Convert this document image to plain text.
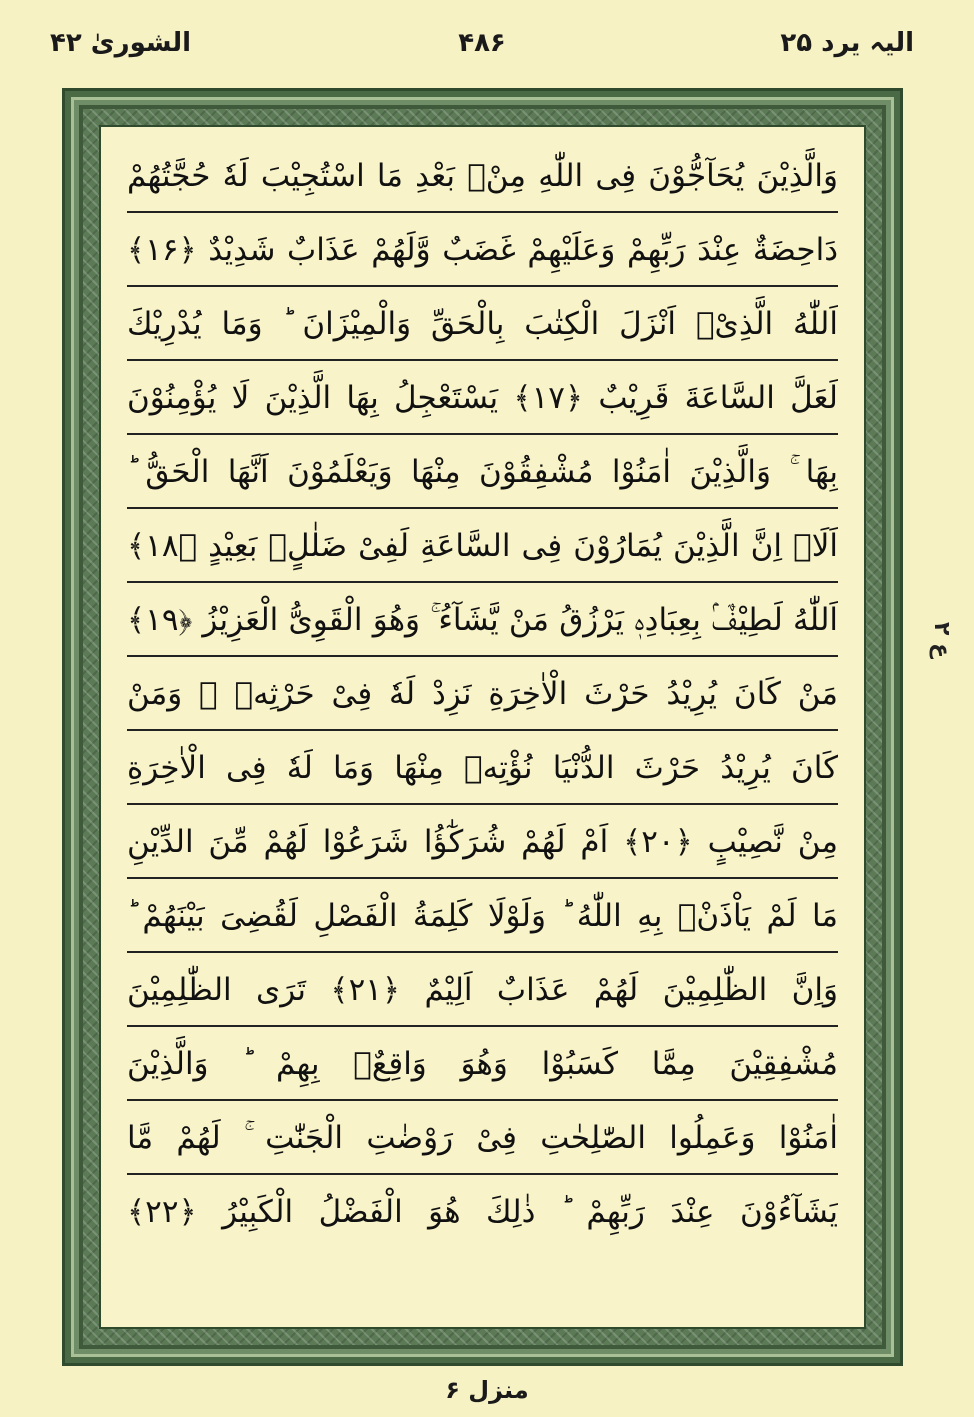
الیہ یرد ۲۵
۴۸۶
الشوریٰ ۴۲
وَالَّذِيْنَ يُحَآجُّوْنَ فِى اللّٰهِ مِنْۢ بَعْدِ مَا اسْتُجِيْبَ لَهٗ حُجَّتُهُمْ
دَاحِضَةٌ عِنْدَ رَبِّهِمْ وَعَلَيْهِمْ غَضَبٌ وَّلَهُمْ عَذَابٌ شَدِيْدٌ ﴿۱۶﴾
اَللّٰهُ الَّذِىْۤ اَنْزَلَ الْكِتٰبَ بِالْحَقِّ وَالْمِيْزَانَ ؕ وَمَا يُدْرِيْكَ
لَعَلَّ السَّاعَةَ قَرِيْبٌ ﴿۱۷﴾ يَسْتَعْجِلُ بِهَا الَّذِيْنَ لَا يُؤْمِنُوْنَ
بِهَا ۚ وَالَّذِيْنَ اٰمَنُوْا مُشْفِقُوْنَ مِنْهَا وَيَعْلَمُوْنَ اَنَّهَا الْحَقُّ ؕ
اَلَاۤ اِنَّ الَّذِيْنَ يُمَارُوْنَ فِى السَّاعَةِ لَفِىْ ضَلٰلٍۢ بَعِيْدٍ ﴿۱۸﴾
اَللّٰهُ لَطِيْفٌۢ بِعِبَادِهٖ يَرْزُقُ مَنْ يَّشَآءُ ۚ وَهُوَ الْقَوِىُّ الْعَزِيْزُ ﴿۱۹﴾
مَنْ كَانَ يُرِيْدُ حَرْثَ الْاٰخِرَةِ نَزِدْ لَهٗ فِىْ حَرْثِهٖ ۚ وَمَنْ
كَانَ يُرِيْدُ حَرْثَ الدُّنْيَا نُؤْتِهٖ مِنْهَا وَمَا لَهٗ فِى الْاٰخِرَةِ
مِنْ نَّصِيْبٍ ﴿۲۰﴾ اَمْ لَهُمْ شُرَكٰٓؤُا شَرَعُوْا لَهُمْ مِّنَ الدِّيْنِ
مَا لَمْ يَاْذَنْۢ بِهِ اللّٰهُ ؕ وَلَوْلَا كَلِمَةُ الْفَصْلِ لَقُضِىَ بَيْنَهُمْ ؕ
وَاِنَّ الظّٰلِمِيْنَ لَهُمْ عَذَابٌ اَلِيْمٌ ﴿۲۱﴾ تَرَى الظّٰلِمِيْنَ
مُشْفِقِيْنَ مِمَّا كَسَبُوْا وَهُوَ وَاقِعٌۢ بِهِمْ ؕ وَالَّذِيْنَ
اٰمَنُوْا وَعَمِلُوا الصّٰلِحٰتِ فِىْ رَوْضٰتِ الْجَنّٰتِ ۚ لَهُمْ مَّا
يَشَآءُوْنَ عِنْدَ رَبِّهِمْ ؕ ذٰلِكَ هُوَ الْفَضْلُ الْكَبِيْرُ ﴿۲۲﴾
ع ۲
منزل ۶
